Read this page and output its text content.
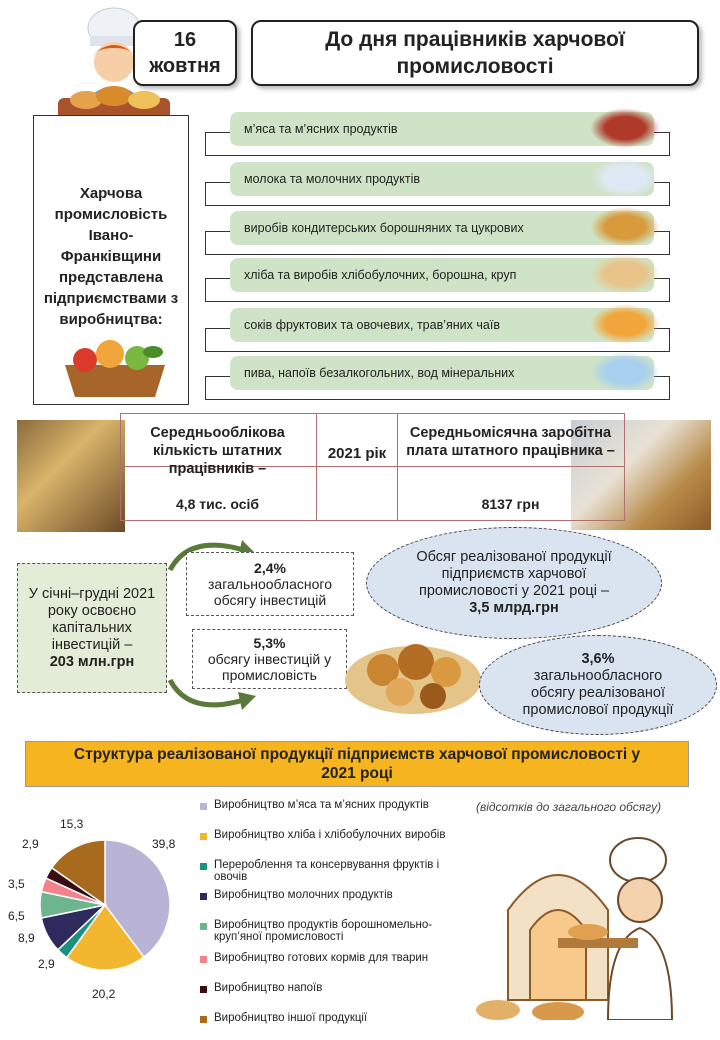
16
жовтня
До дня працівників харчової промисловості
Харчова промисловість Івано-Франківщини представлена підприємствами з виробництва:
м’яса та м’ясних продуктів
молока та молочних продуктів
виробів кондитерських борошняних та цукрових
хліба та виробів хлібобулочних, борошна, круп
соків фруктових та овочевих, трав’яних чаїв
пива, напоїв безалкогольних, вод мінеральних
Середньооблікова кількість штатних працівників –
4,8 тис. осіб
2021 рік
Середньомісячна заробітна плата штатного працівника –
8137 грн
У січні–грудні 2021 року освоєно капітальних інвестицій –
203 млн.грн
2,4%
загальнообласного обсягу інвестицій
5,3%
обсягу інвестицій у промисловість
Обсяг реалізованої продукції підприємств харчової промисловості у 2021 році –
3,5 млрд.грн
3,6%
загальнообласного обсягу реалізованої промислової продукції
Структура реалізованої продукції підприємств харчової промисловості у 2021 році
(відсотків до загального обсягу)
39,8
20,2
2,9
8,9
6,5
3,5
2,9
15,3
Виробництво м’яса та м’ясних продуктів
Виробництво хліба і хлібобулочних виробів
Перероблення та консервування фруктів і овочів
Виробництво молочних продуктів
Виробництво продуктів борошномельно-круп’яної промисловості
Виробництво готових кормів для тварин
Виробництво напоїв
Виробництво іншої продукції
